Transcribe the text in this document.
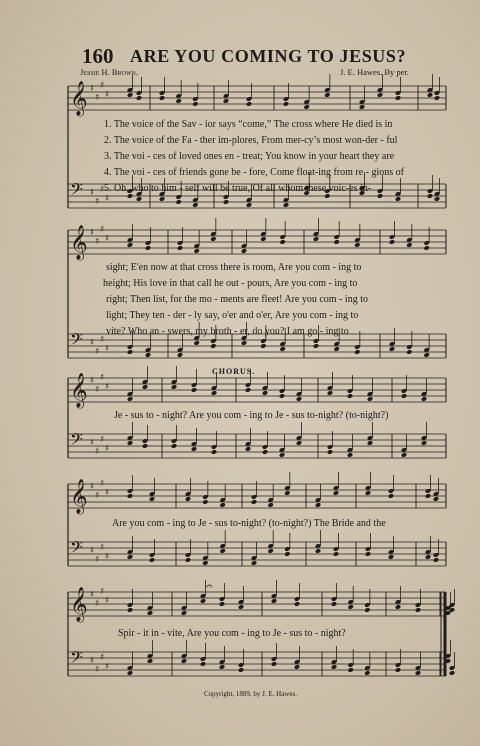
160 ARE YOU COMING TO JESUS?
Jessie H. Brown.	J. E. Hawes. By per.
𝄞 ♯
♯
♯
♯
𝄢 ♯
♯
♯
♯
𝄞 ♯
♯
♯
♯
𝄢 ♯
♯
♯
♯
𝄞 ♯
♯
♯
♯
𝄢 ♯
♯
♯
♯
𝄞 ♯
♯
♯
♯
𝄢 ♯
♯
♯
♯
𝄞 ♯
♯
♯
♯
𝄢 ♯
♯
♯
♯
𝄐
1. The voice of the Sav - ior says “come,” The cross where He died is in
2. The voice of the Fa - ther im-plores, From mer-cy’s most won-der - ful
3. The voi - ces of loved ones en - treat; You know in your heart they are
4. The voi - ces of friends gone be - fore, Come float-ing from re - gions of
5. Oh, who to him - self will be true, Of all whom these voic-es in-
sight; E'en now at that cross there is room, Are you com - ing to
height; His love in that call he out - pours, Are you com - ing to
right; Then list, for the mo - ments are fleet! Are you com - ing to
light; They ten - der - ly say, o'er and o'er, Are you com - ing to
vite? Who an - swers, my broth - er, do you? I am go - ing to
CHORUS.
Je - sus to - night? Are you com - ing to Je - sus to-night? (to-night?)
Are you com - ing to Je - sus to-night? (to-night?) The Bride and the
Spir - it in - vite, Are you com - ing to Je - sus to - night?
Copyright, 1889, by J. E. Hawes.
